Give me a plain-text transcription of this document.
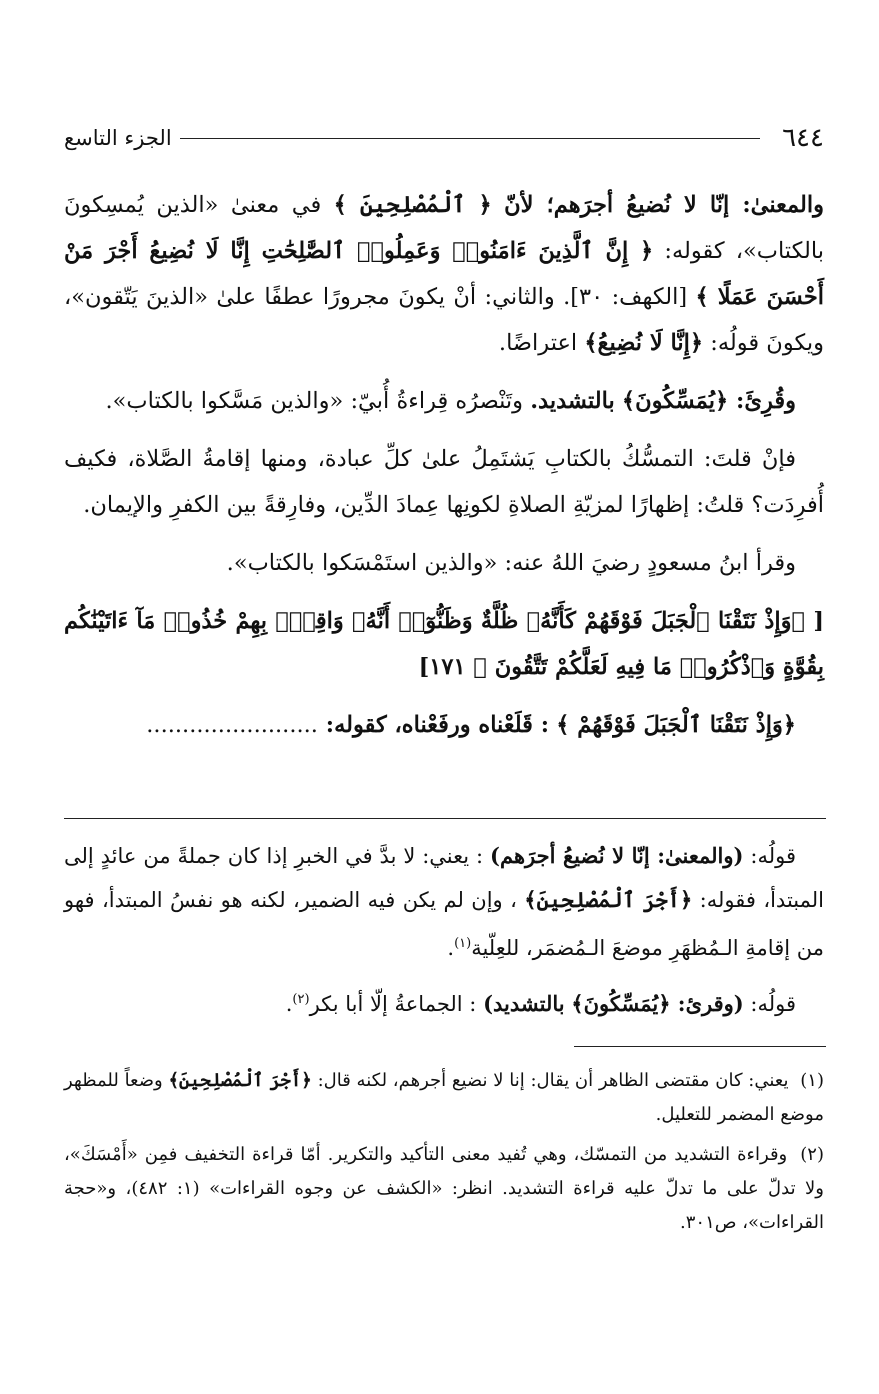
٦٤٤
الجزء التاسع

والمعنىٰ: إنّا لا نُضيعُ أجرَهم؛ لأنّ ﴿ ٱلْمُصْلِحِينَ ﴾ في معنىٰ «الذين يُمسِكونَ بالكتاب»، كقوله: ﴿ إِنَّ ٱلَّذِينَ ءَامَنُوا۟ وَعَمِلُوا۟ ٱلصَّٰلِحَٰتِ إِنَّا لَا نُضِيعُ أَجْرَ مَنْ أَحْسَنَ عَمَلًا ﴾ [الكهف: ٣٠]. والثاني: أنْ يكونَ مجرورًا عطفًا علىٰ «الذينَ يَتّقون»، ويكونَ قولُه: ﴿إِنَّا لَا نُضِيعُ﴾ اعتراضًا.

وقُرِئَ: ﴿يُمَسِّكُونَ﴾ بالتشديد. وتَنْصرُه قِراءةُ أُبيّ: «والذين مَسَّكوا بالكتاب».

فإنْ قلتَ: التمسُّكُ بالكتابِ يَشتَمِلُ علىٰ كلِّ عبادة، ومنها إقامةُ الصَّلاة، فكيف أُفرِدَت؟ قلتُ: إظهارًا لمزيّةِ الصلاةِ لكونِها عِمادَ الدِّين، وفارِقةً بين الكفرِ والإيمان.

وقرأ ابنُ مسعودٍ رضيَ اللهُ عنه: «والذين استَمْسَكوا بالكتاب».

[ ﴿وَإِذْ نَتَقْنَا ٱلْجَبَلَ فَوْقَهُمْ كَأَنَّهُۥ ظُلَّةٌ وَظَنُّوٓا۟ أَنَّهُۥ وَاقِعٌۢ بِهِمْ خُذُوا۟ مَآ ءَاتَيْنَٰكُم بِقُوَّةٍ وَٱذْكُرُوا۟ مَا فِيهِ لَعَلَّكُمْ تَتَّقُونَ ﴾ ١٧١]

﴿وَإِذْ نَتَقْنَا ٱلْجَبَلَ فَوْقَهُمْ ﴾ : قَلَعْناه ورفَعْناه، كقوله: ........................

قولُه: (والمعنىٰ: إنّا لا نُضيعُ أجرَهم) : يعني: لا بدَّ في الخبرِ إذا كان جملةً من عائدٍ إلى المبتدأ، فقوله: ﴿أَجْرَ ٱلْمُصْلِحِينَ﴾ ، وإن لم يكن فيه الضمير، لكنه هو نفسُ المبتدأ، فهو من إقامةِ الـمُظهَرِ موضعَ الـمُضمَر، للعِلّية$^{(١)}$.

قولُه: (وقرئ: ﴿يُمَسِّكُونَ﴾ بالتشديد) : الجماعةُ إلّا أبا بكر$^{(٢)}$.

(١) يعني: كان مقتضى الظاهر أن يقال: إنا لا نضيع أجرهم، لكنه قال: ﴿أَجْرَ ٱلْمُصْلِحِينَ﴾ وضعاً للمظهر موضع المضمر للتعليل.

(٢) وقراءة التشديد من التمسّك، وهي تُفيد معنى التأكيد والتكرير. أمّا قراءة التخفيف فمِن «أَمْسَكَ»، ولا تدلّ على ما تدلّ عليه قراءة التشديد. انظر: «الكشف عن وجوه القراءات» (١: ٤٨٢)، و«حجة القراءات»، ص٣٠١.
